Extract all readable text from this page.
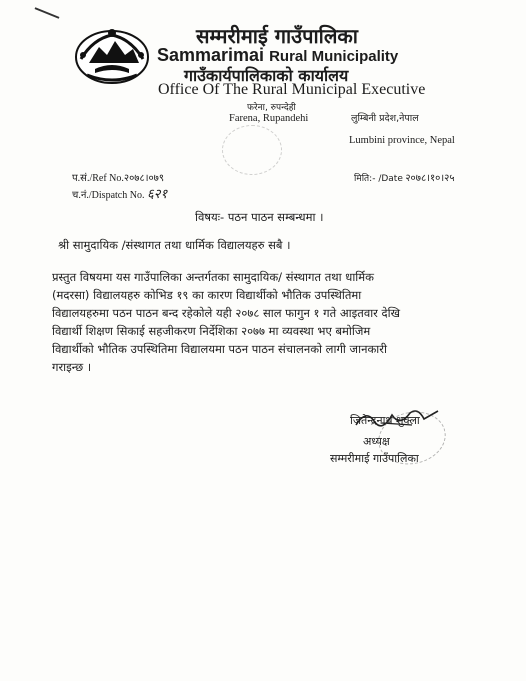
सम्मरीमाई गाउँपालिका
Sammarimai Rural Municipality
गाउँकार्यपालिकाको कार्यालय
Office Of The Rural Municipal Executive
फरेना, रुपन्देही
Farena, Rupandehi	लुम्बिनी प्रदेश,नेपाल
Lumbini province, Nepal
प.सं./Ref No.२०७८।०७९
च.नं./Dispatch No. ६२१
मिति:- /Date २०७८।१०।२५
विषयः- पठन पाठन सम्बन्धमा ।
श्री सामुदायिक /संस्थागत तथा धार्मिक विद्यालयहरु सबै ।
प्रस्तुत विषयमा यस गाउँपालिका अन्तर्गतका सामुदायिक/ संस्थागत तथा धार्मिक
(मदरसा) विद्यालयहरु कोभिड १९ का कारण विद्यार्थीको भौतिक उपस्थितिमा
विद्यालयहरुमा पठन पाठन बन्द रहेकोले यही २०७८ साल फागुन १ गते आइतवार देखि
विद्यार्थी शिक्षण सिकाई सहजीकरण निर्देशिका २०७७ मा व्यवस्था भए बमोजिम
विद्यार्थीको भौतिक उपस्थितिमा विद्यालयमा पठन पाठन संचालनको लागी जानकारी
गराइन्छ ।
जितेन्द्रनाथ शुक्ला
अध्यक्ष
सम्मरीमाई गाउँपालिका
